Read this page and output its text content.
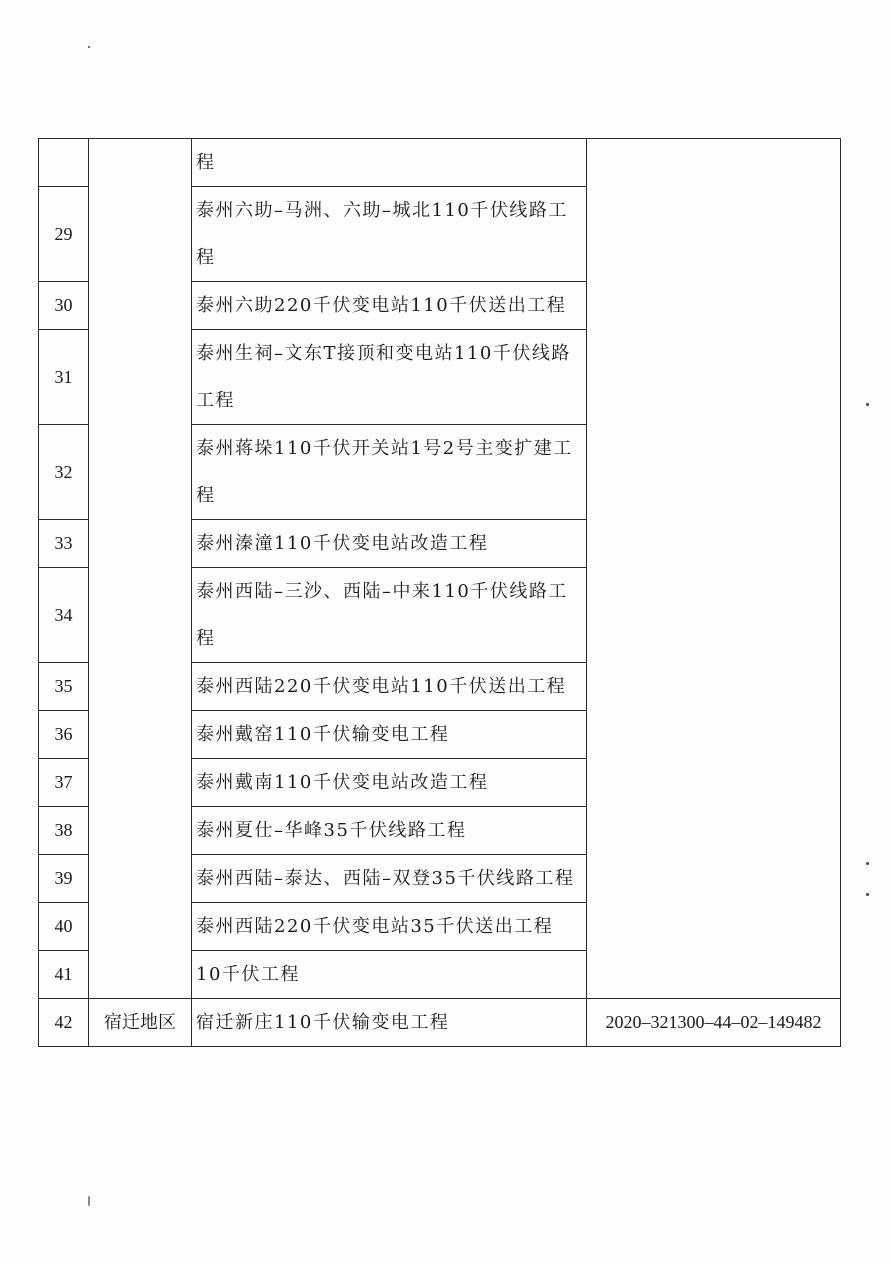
		程	
29		泰州六助–马洲、六助–城北110千伏线路工程	
30		泰州六助220千伏变电站110千伏送出工程	
31		泰州生祠–文东T接顶和变电站110千伏线路工程	
32		泰州蒋垛110千伏开关站1号2号主变扩建工程	
33		泰州溱潼110千伏变电站改造工程	
34		泰州西陆–三沙、西陆–中来110千伏线路工程	
35		泰州西陆220千伏变电站110千伏送出工程	
36		泰州戴窑110千伏输变电工程	
37		泰州戴南110千伏变电站改造工程	
38		泰州夏仕–华峰35千伏线路工程	
39		泰州西陆–泰达、西陆–双登35千伏线路工程	
40		泰州西陆220千伏变电站35千伏送出工程	
41		10千伏工程	
42	宿迁地区	宿迁新庄110千伏输变电工程	2020–321300–44–02–149482
